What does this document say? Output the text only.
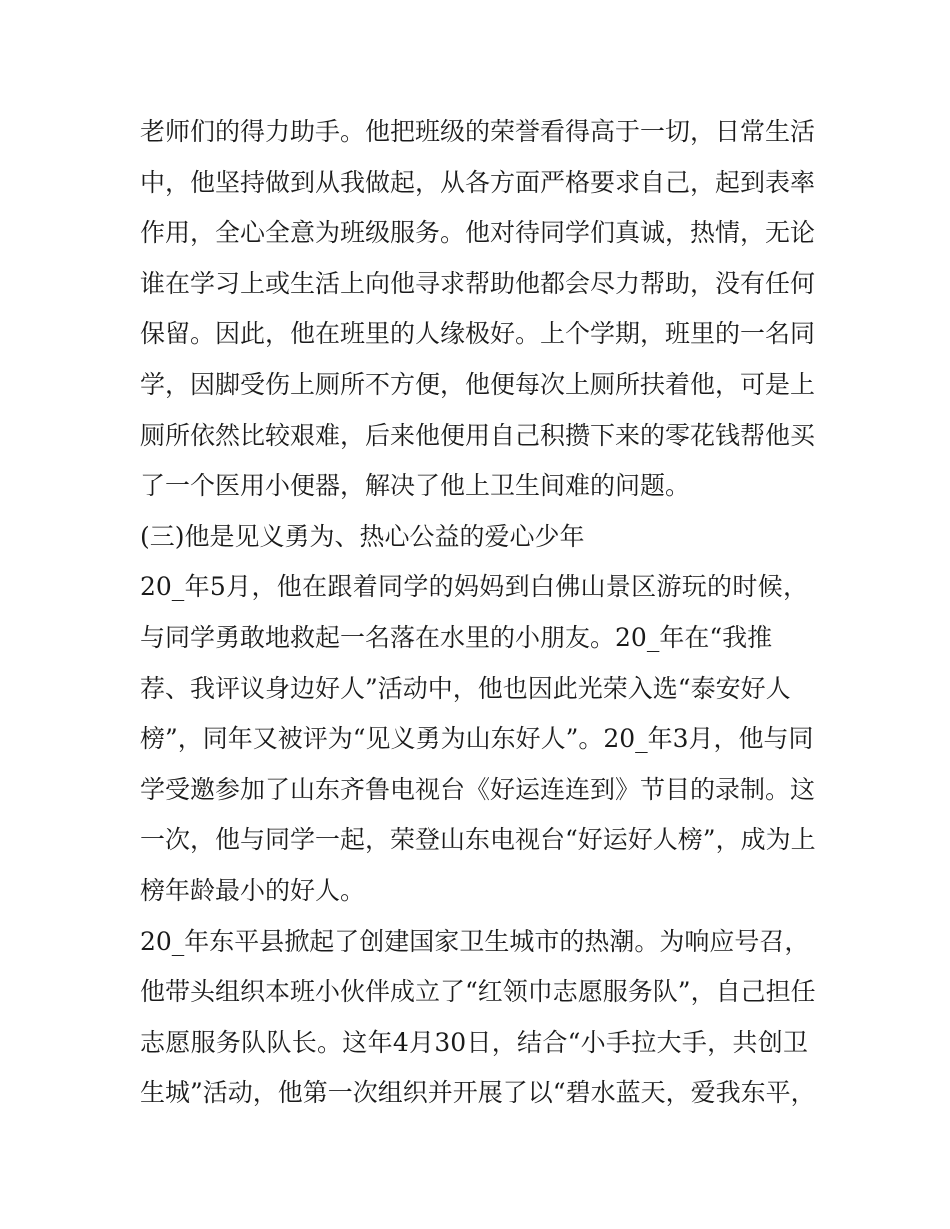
老师们的得力助手。他把班级的荣誉看得高于一切，日常生活
中，他坚持做到从我做起，从各方面严格要求自己，起到表率
作用，全心全意为班级服务。他对待同学们真诚，热情，无论
谁在学习上或生活上向他寻求帮助他都会尽力帮助，没有任何
保留。因此，他在班里的人缘极好。上个学期，班里的一名同
学，因脚受伤上厕所不方便，他便每次上厕所扶着他，可是上
厕所依然比较艰难，后来他便用自己积攒下来的零花钱帮他买
了一个医用小便器，解决了他上卫生间难的问题。
(三)他是见义勇为、热心公益的爱心少年
20_年5月，他在跟着同学的妈妈到白佛山景区游玩的时候，
与同学勇敢地救起一名落在水里的小朋友。20_年在“我推
荐、我评议身边好人”活动中，他也因此光荣入选“泰安好人
榜”，同年又被评为“见义勇为山东好人”。20_年3月，他与同
学受邀参加了山东齐鲁电视台《好运连连到》节目的录制。这
一次，他与同学一起，荣登山东电视台“好运好人榜”，成为上
榜年龄最小的好人。
20_年东平县掀起了创建国家卫生城市的热潮。为响应号召，
他带头组织本班小伙伴成立了“红领巾志愿服务队”，自己担任
志愿服务队队长。这年4月30日，结合“小手拉大手，共创卫
生城”活动，他第一次组织并开展了以“碧水蓝天，爱我东平，
